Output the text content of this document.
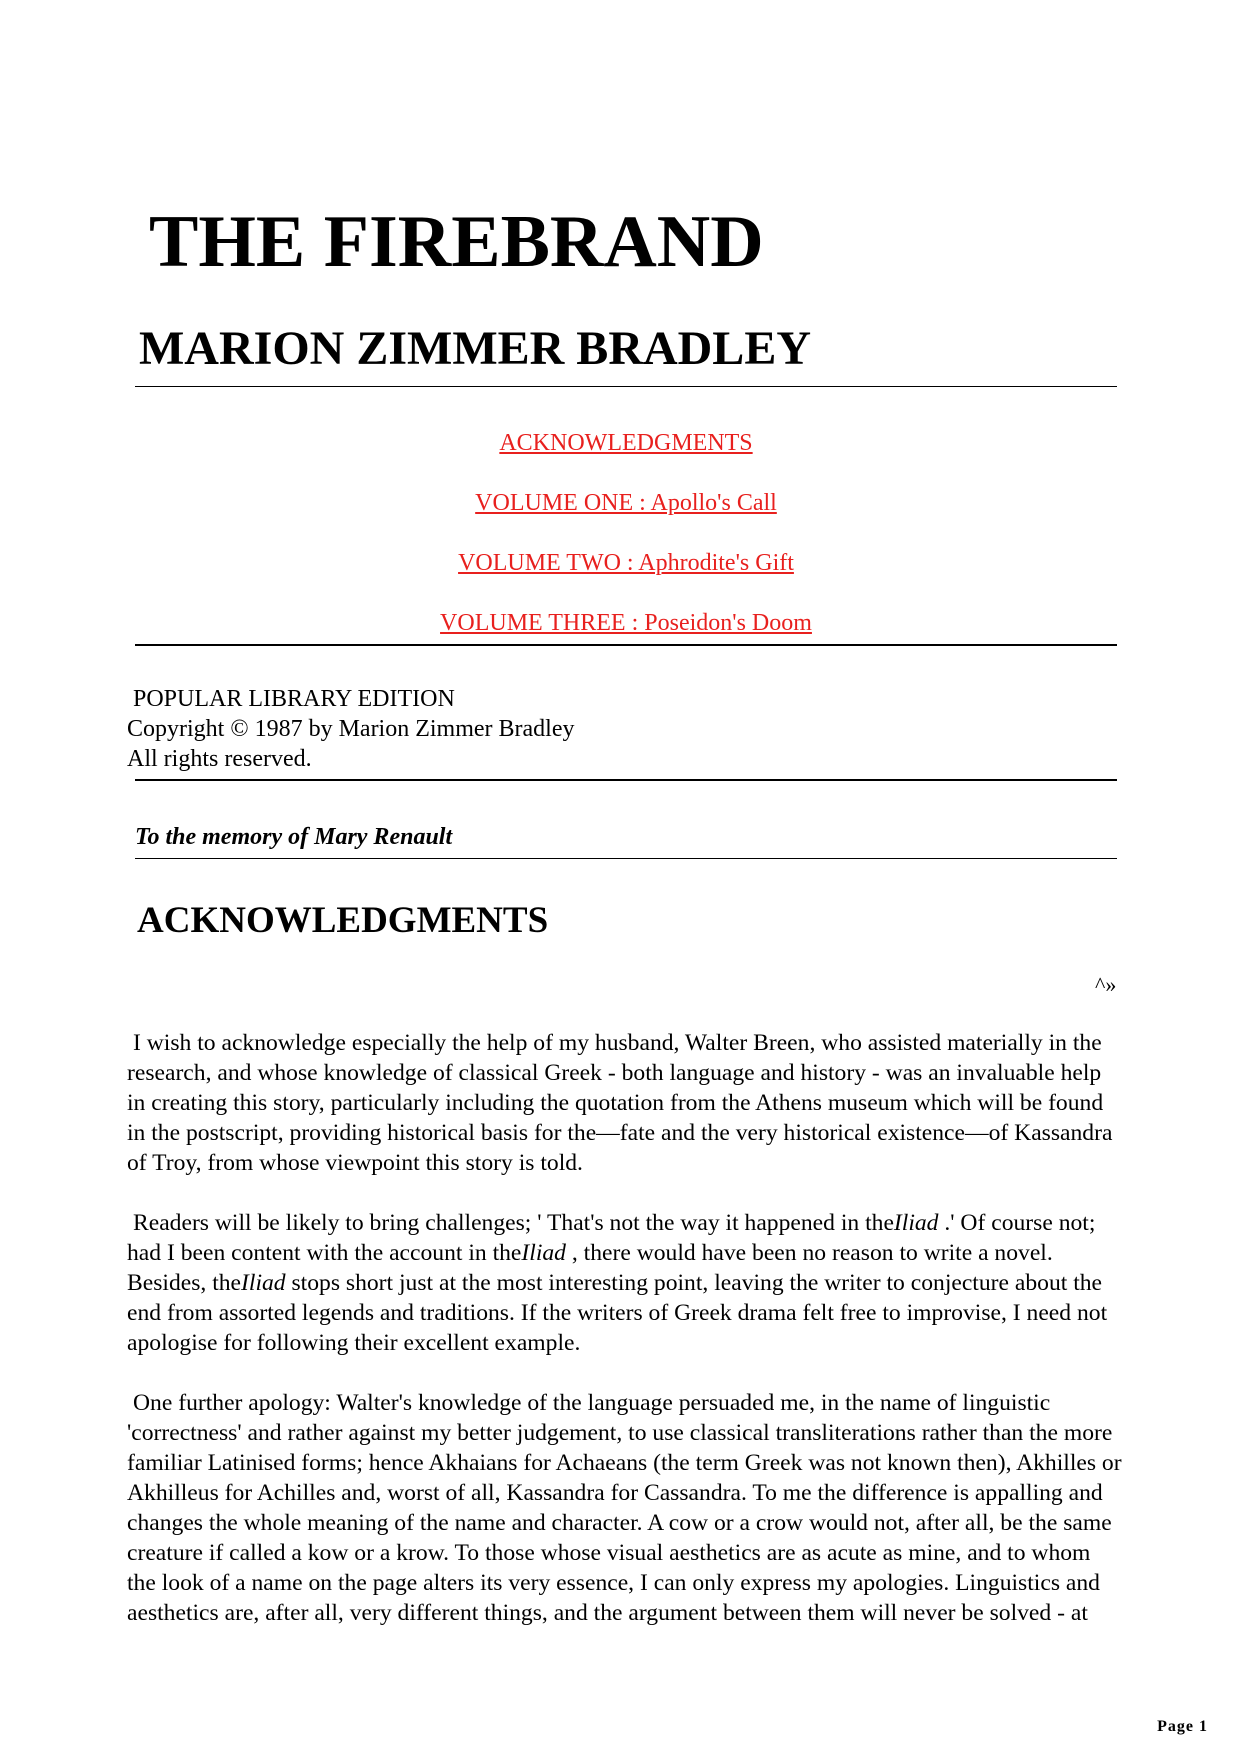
THE FIREBRAND
MARION ZIMMER BRADLEY
ACKNOWLEDGMENTS
VOLUME ONE : Apollo's Call
VOLUME TWO : Aphrodite's Gift
VOLUME THREE : Poseidon's Doom
POPULAR LIBRARY EDITION
Copyright © 1987 by Marion Zimmer Bradley
All rights reserved.
To the memory of Mary Renault
ACKNOWLEDGMENTS
^»

I wish to acknowledge especially the help of my husband, Walter Breen, who assisted materially in the research, and whose knowledge of classical Greek - both language and history - was an invaluable help in creating this story, particularly including the quotation from the Athens museum which will be found in the postscript, providing historical basis for the—fate and the very historical existence—of Kassandra of Troy, from whose viewpoint this story is told.

Readers will be likely to bring challenges; ' That's not the way it happened in theIliad .' Of course not; had I been content with the account in theIliad , there would have been no reason to write a novel. Besides, theIliad stops short just at the most interesting point, leaving the writer to conjecture about the end from assorted legends and traditions. If the writers of Greek drama felt free to improvise, I need not apologise for following their excellent example.

One further apology: Walter's knowledge of the language persuaded me, in the name of linguistic 'correctness' and rather against my better judgement, to use classical transliterations rather than the more familiar Latinised forms; hence Akhaians for Achaeans (the term Greek was not known then), Akhilles or Akhilleus for Achilles and, worst of all, Kassandra for Cassandra. To me the difference is appalling and changes the whole meaning of the name and character. A cow or a crow would not, after all, be the same creature if called a kow or a krow. To those whose visual aesthetics are as acute as mine, and to whom the look of a name on the page alters its very essence, I can only express my apologies. Linguistics and aesthetics are, after all, very different things, and the argument between them will never be solved - at

Page 1
